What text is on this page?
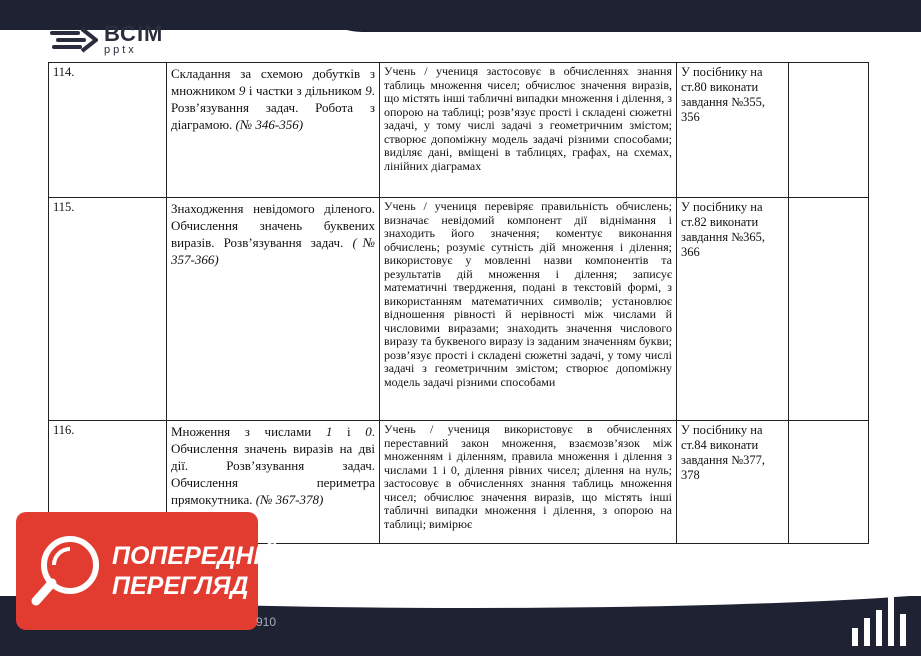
ВСІМ
pptx
114.	Складання за схемою добутків з множником 9 і частки з дільником 9. Розв’язування задач. Робота з діаграмою. (№ 346-356)	Учень / учениця застосовує в обчисленнях знання таблиць множення чисел; обчислює значення виразів, що містять інші табличні випадки множення і ділення, з опорою на таблиці; розв’язує прості і складені сюжетні задачі, у тому числі задачі з геометричним змістом; створює допоміжну модель задачі різними способами; виділяє дані, вміщені в таблицях, графах, на схемах, лінійних діаграмах	У посібнику на ст.80 виконати завдання №355, 356	
115.	Знаходження невідомого діленого. Обчислення значень буквених виразів. Розв’язування задач. (№ 357-366)	Учень / учениця перевіряє правильність обчислень; визначає невідомий компонент дії віднімання і знаходить його значення; коментує виконання обчислень; розуміє сутність дій множення і ділення; використовує у мовленні назви компонентів та результатів дій множення і ділення; записує математичні твердження, подані в текстовій формі, з використанням математичних символів; установлює відношення рівності й нерівності між числами й числовими виразами; знаходить значення числового виразу та буквеного виразу із заданим значенням букви; розв’язує прості і складені сюжетні задачі, у тому числі задачі з геометричним змістом; створює допоміжну модель задачі різними способами	У посібнику на ст.82 виконати завдання №365, 366	
116.	Множення з числами 1 і 0. Обчислення значень виразів на дві дії. Розв’язування задач. Обчислення периметра прямокутника. (№ 367-378)	Учень / учениця використовує в обчисленнях переставний закон множення, взаємозв’язок між множенням і діленням, правила множення і ділення з числами 1 і 0, ділення рівних чисел; ділення на нуль; застосовує в обчисленнях знання таблиць множення чисел; обчислює значення виразів, що містять інші табличні випадки множення і ділення, з опорою на таблиці; вимірює	У посібнику на ст.84 виконати завдання №377, 378	
ПОПЕРЕДНІЙ
ПЕРЕГЛЯД
910
